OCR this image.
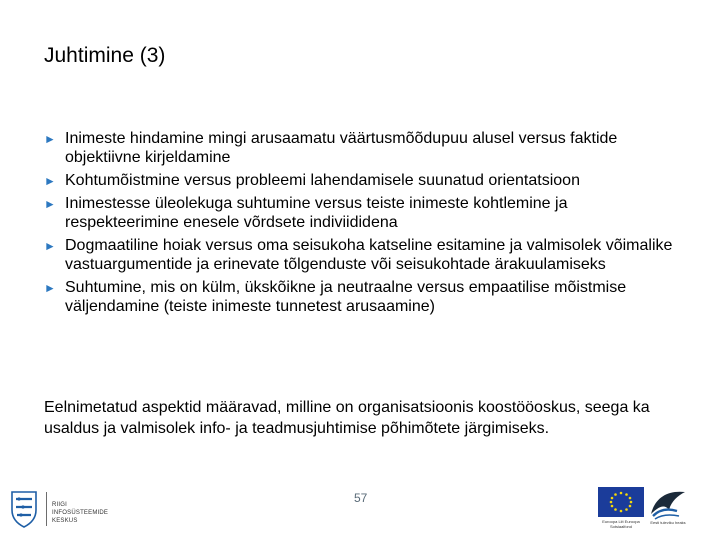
Juhtimine (3)
► Inimeste hindamine mingi arusaamatu väärtusmõõdupuu alusel versus faktide objektiivne kirjeldamine
► Kohtumõistmine versus probleemi lahendamisele suunatud orientatsioon
► Inimestesse üleolekuga suhtumine versus teiste inimeste kohtlemine ja respekteerimine enesele võrdsete indiviididena
► Dogmaatiline hoiak versus oma seisukoha katseline esitamine ja valmisolek võimalike vastuargumentide ja erinevate tõlgenduste või seisukohtade ärakuulamiseks
► Suhtumine, mis on külm, ükskõikne ja neutraalne versus empaatilise mõistmise väljendamine (teiste inimeste tunnetest arusaamine)

Eelnimetatud aspektid määravad, milline on organisatsioonis koostööoskus, seega ka usaldus ja valmisolek info- ja teadmusjuhtimise põhimõtete järgimiseks.

RIIGI INFOSÜSTEEMIDE KESKUS
57
Euroopa Liit Euroopa Sotsiaalfond
Eesti tuleviku heaks
